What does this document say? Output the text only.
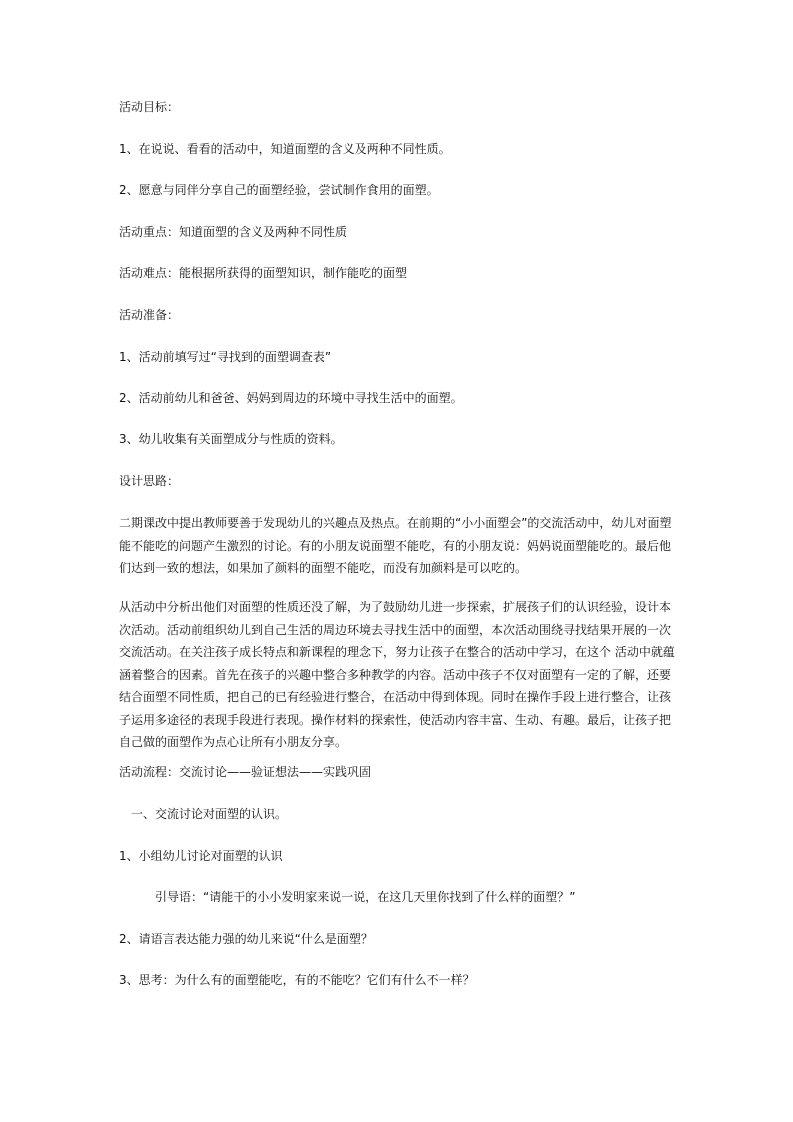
活动目标：
1、在说说、看看的活动中，知道面塑的含义及两种不同性质。
2、愿意与同伴分享自己的面塑经验，尝试制作食用的面塑。
活动重点：知道面塑的含义及两种不同性质
活动难点：能根据所获得的面塑知识，制作能吃的面塑
活动准备：
1、活动前填写过“寻找到的面塑调查表”
2、活动前幼儿和爸爸、妈妈到周边的环境中寻找生活中的面塑。
3、幼儿收集有关面塑成分与性质的资料。
设计思路：
二期课改中提出教师要善于发现幼儿的兴趣点及热点。在前期的“小小面塑会”的交流活动中，幼儿对面塑
能不能吃的问题产生激烈的讨论。有的小朋友说面塑不能吃，有的小朋友说：妈妈说面塑能吃的。最后他
们达到一致的想法，如果加了颜料的面塑不能吃，而没有加颜料是可以吃的。
从活动中分析出他们对面塑的性质还没了解，为了鼓励幼儿进一步探索，扩展孩子们的认识经验，设计本
次活动。活动前组织幼儿到自己生活的周边环境去寻找生活中的面塑，本次活动围绕寻找结果开展的一次
交流活动。在关注孩子成长特点和新课程的理念下，努力让孩子在整合的活动中学习，在这个 活动中就蕴
涵着整合的因素。首先在孩子的兴趣中整合多种教学的内容。活动中孩子不仅对面塑有一定的了解，还要
结合面塑不同性质，把自己的已有经验进行整合，在活动中得到体现。同时在操作手段上进行整合，让孩
子运用多途径的表现手段进行表现。操作材料的探索性，使活动内容丰富、生动、有趣。最后，让孩子把
自己做的面塑作为点心让所有小朋友分享。
活动流程：交流讨论——验证想法——实践巩固
一、交流讨论对面塑的认识。
1、小组幼儿讨论对面塑的认识
引导语：“请能干的小小发明家来说一说，在这几天里你找到了什么样的面塑？”
2、请语言表达能力强的幼儿来说“什么是面塑？
3、思考：为什么有的面塑能吃，有的不能吃？它们有什么不一样？
